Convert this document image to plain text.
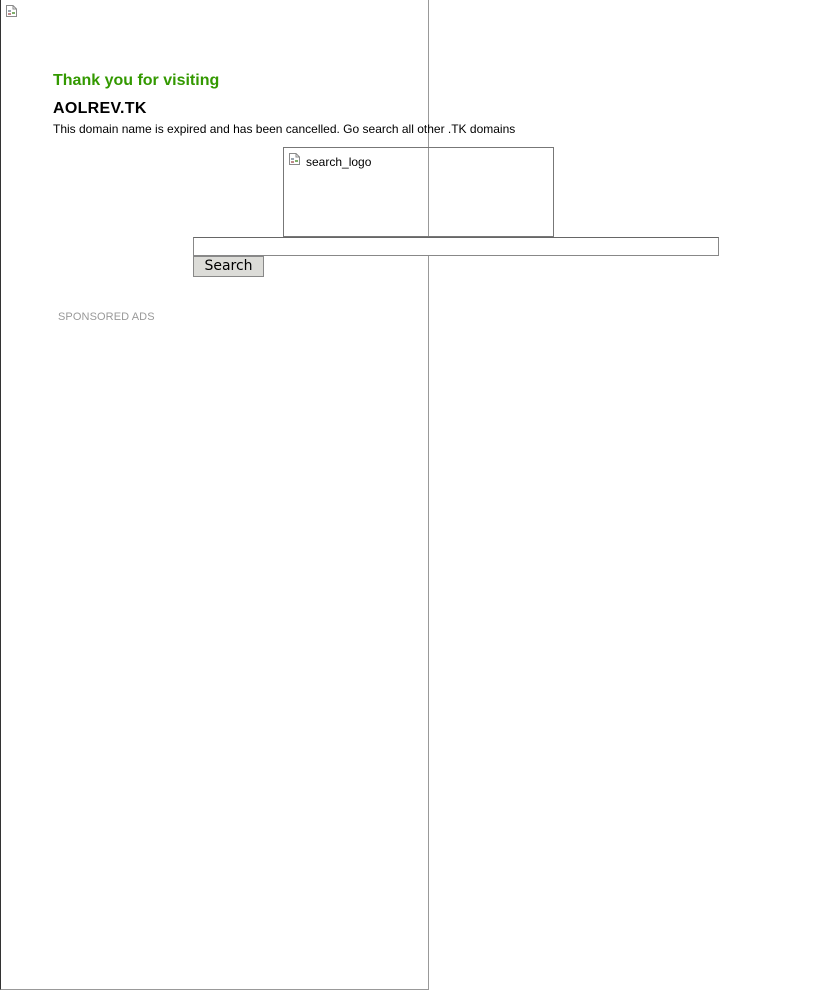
Thank you for visiting
AOLREV.TK
This domain name is expired and has been cancelled. Go search all other .TK domains
search_logo
Search
SPONSORED ADS
